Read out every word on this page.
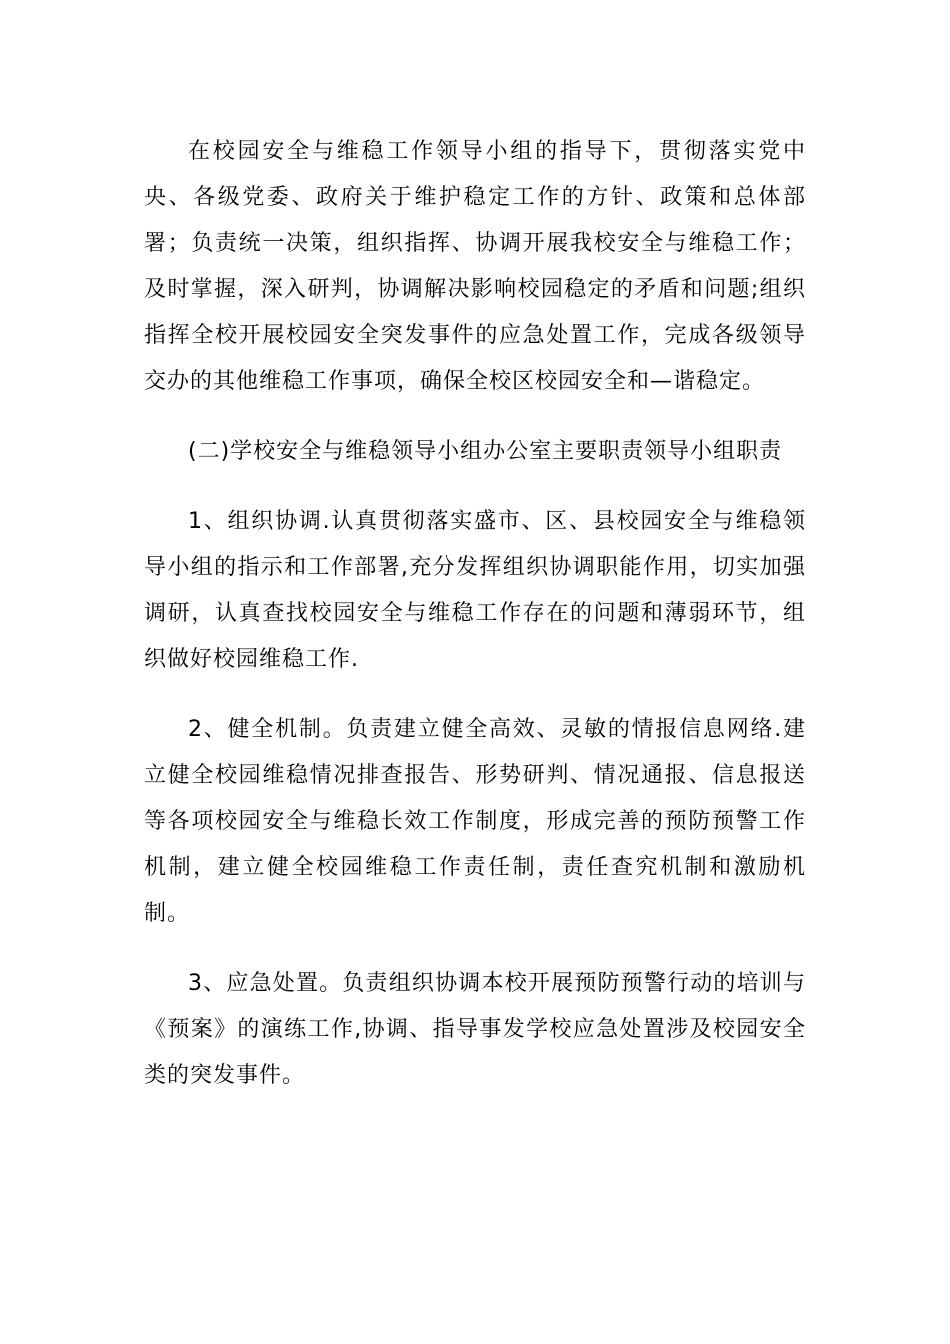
在校园安全与维稳工作领导小组的指导下，贯彻落实党中央、各级党委、政府关于维护稳定工作的方针、政策和总体部署；负责统一决策，组织指挥、协调开展我校安全与维稳工作；及时掌握，深入研判，协调解决影响校园稳定的矛盾和问题;组织指挥全校开展校园安全突发事件的应急处置工作，完成各级领导交办的其他维稳工作事项，确保全校区校园安全和—谐稳定。

(二)学校安全与维稳领导小组办公室主要职责领导小组职责

1、组织协调.认真贯彻落实盛市、区、县校园安全与维稳领导小组的指示和工作部署,充分发挥组织协调职能作用，切实加强调研，认真查找校园安全与维稳工作存在的问题和薄弱环节，组织做好校园维稳工作.

2、健全机制。负责建立健全高效、灵敏的情报信息网络.建立健全校园维稳情况排查报告、形势研判、情况通报、信息报送等各项校园安全与维稳长效工作制度，形成完善的预防预警工作机制，建立健全校园维稳工作责任制，责任查究机制和激励机制。

3、应急处置。负责组织协调本校开展预防预警行动的培训与《预案》的演练工作,协调、指导事发学校应急处置涉及校园安全类的突发事件。
